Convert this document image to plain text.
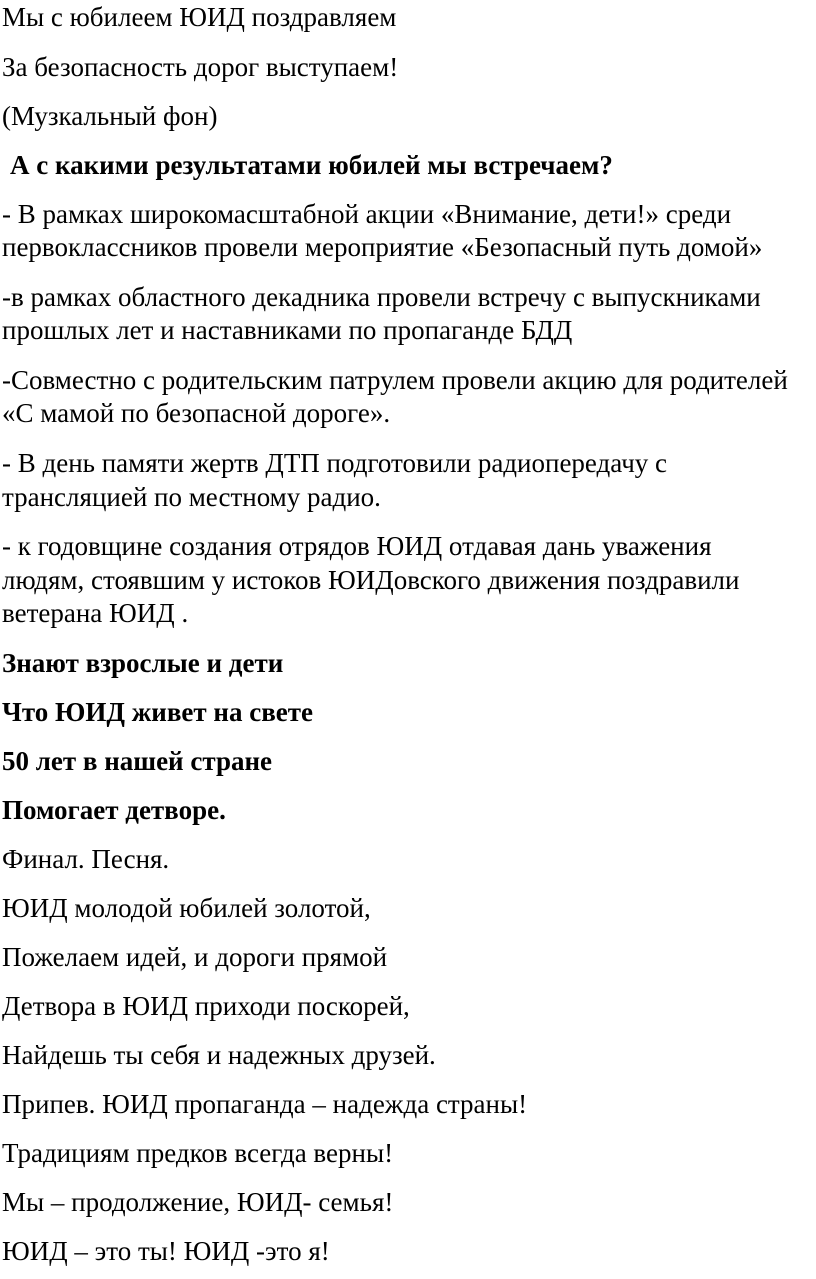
Мы с юбилеем ЮИД поздравляем

За безопасность дорог выступаем!

(Музкальный фон)

А с какими результатами юбилей мы встречаем?

- В рамках широкомасштабной акции «Внимание, дети!» среди

первоклассников провели мероприятие «Безопасный путь домой»

-в рамках областного декадника провели встречу с выпускниками

прошлых лет и наставниками по пропаганде БДД

-Совместно с родительским патрулем провели акцию для родителей

«С мамой по безопасной дороге».

- В день памяти жертв ДТП подготовили радиопередачу с

трансляцией по местному радио.

- к годовщине создания отрядов ЮИД отдавая дань уважения

людям, стоявшим у истоков ЮИДовского движения поздравили

ветерана ЮИД .

Знают взрослые и дети

Что ЮИД живет на свете

50 лет в нашей стране

Помогает детворе.

Финал. Песня.

ЮИД молодой юбилей золотой,

Пожелаем идей, и дороги прямой

Детвора в ЮИД приходи поскорей,

Найдешь ты себя и надежных друзей.

Припев. ЮИД пропаганда – надежда страны!

Традициям предков всегда верны!

Мы – продолжение, ЮИД- семья!

ЮИД – это ты! ЮИД -это я!
